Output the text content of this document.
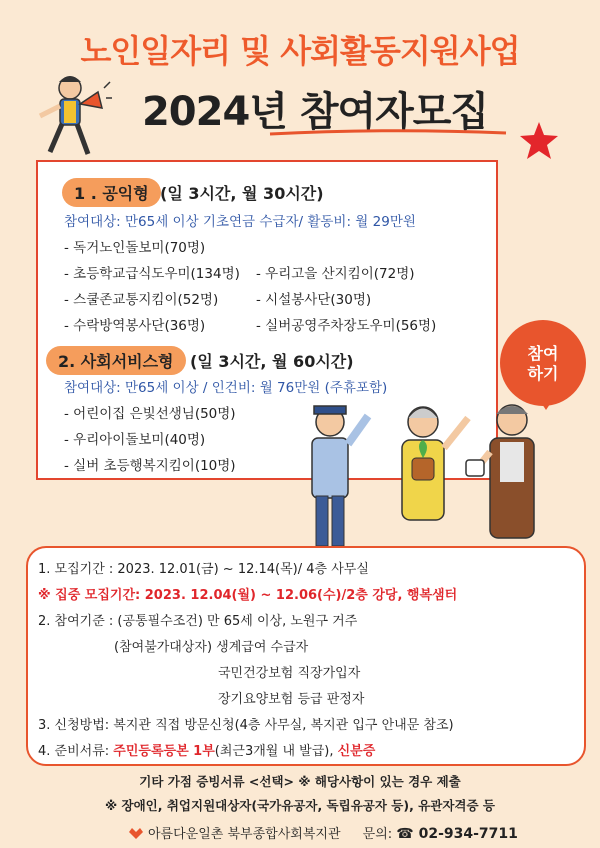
노인일자리 및 사회활동지원사업
2024년 참여자모집
1 . 공익형 (일 3시간, 월 30시간)
참여대상: 만65세 이상 기초연금 수급자/ 활동비: 월 29만원
- 독거노인돌보미(70명)
- 초등학교급식도우미(134명)
- 스쿨존교통지킴이(52명)
- 수락방역봉사단(36명)
- 우리고을 산지킴이(72명)
- 시설봉사단(30명)
- 실버공영주차장도우미(56명)
2. 사회서비스형	(일 3시간, 월 60시간)
참여대상: 만65세 이상 / 인건비: 월 76만원 (주휴포함)
- 어린이집 은빛선생님(50명)
- 우리아이돌보미(40명)
- 실버 초등행복지킴이(10명)
참여
하기
1. 모집기간 : 2023. 12.01(금) ~ 12.14(목)/ 4층 사무실
※ 집중 모집기간: 2023. 12.04(월) ~ 12.06(수)/2층 강당, 행복샘터
2. 참여기준 : (공통필수조건) 만 65세 이상, 노원구 거주
(참여불가대상자) 생계급여 수급자
국민건강보험 직장가입자
장기요양보험 등급 판정자
3. 신청방법: 복지관 직접 방문신청(4층 사무실, 복지관 입구 안내문 참조)
4. 준비서류: 주민등록등본 1부(최근3개월 내 발급), 신분증
기타 가점 증빙서류 <선택> ※ 해당사항이 있는 경우 제출
※ 장애인, 취업지원대상자(국가유공자, 독립유공자 등), 유관자격증 등
아름다운일촌 북부종합사회복지관 문의: ☎ 02-934-7711
